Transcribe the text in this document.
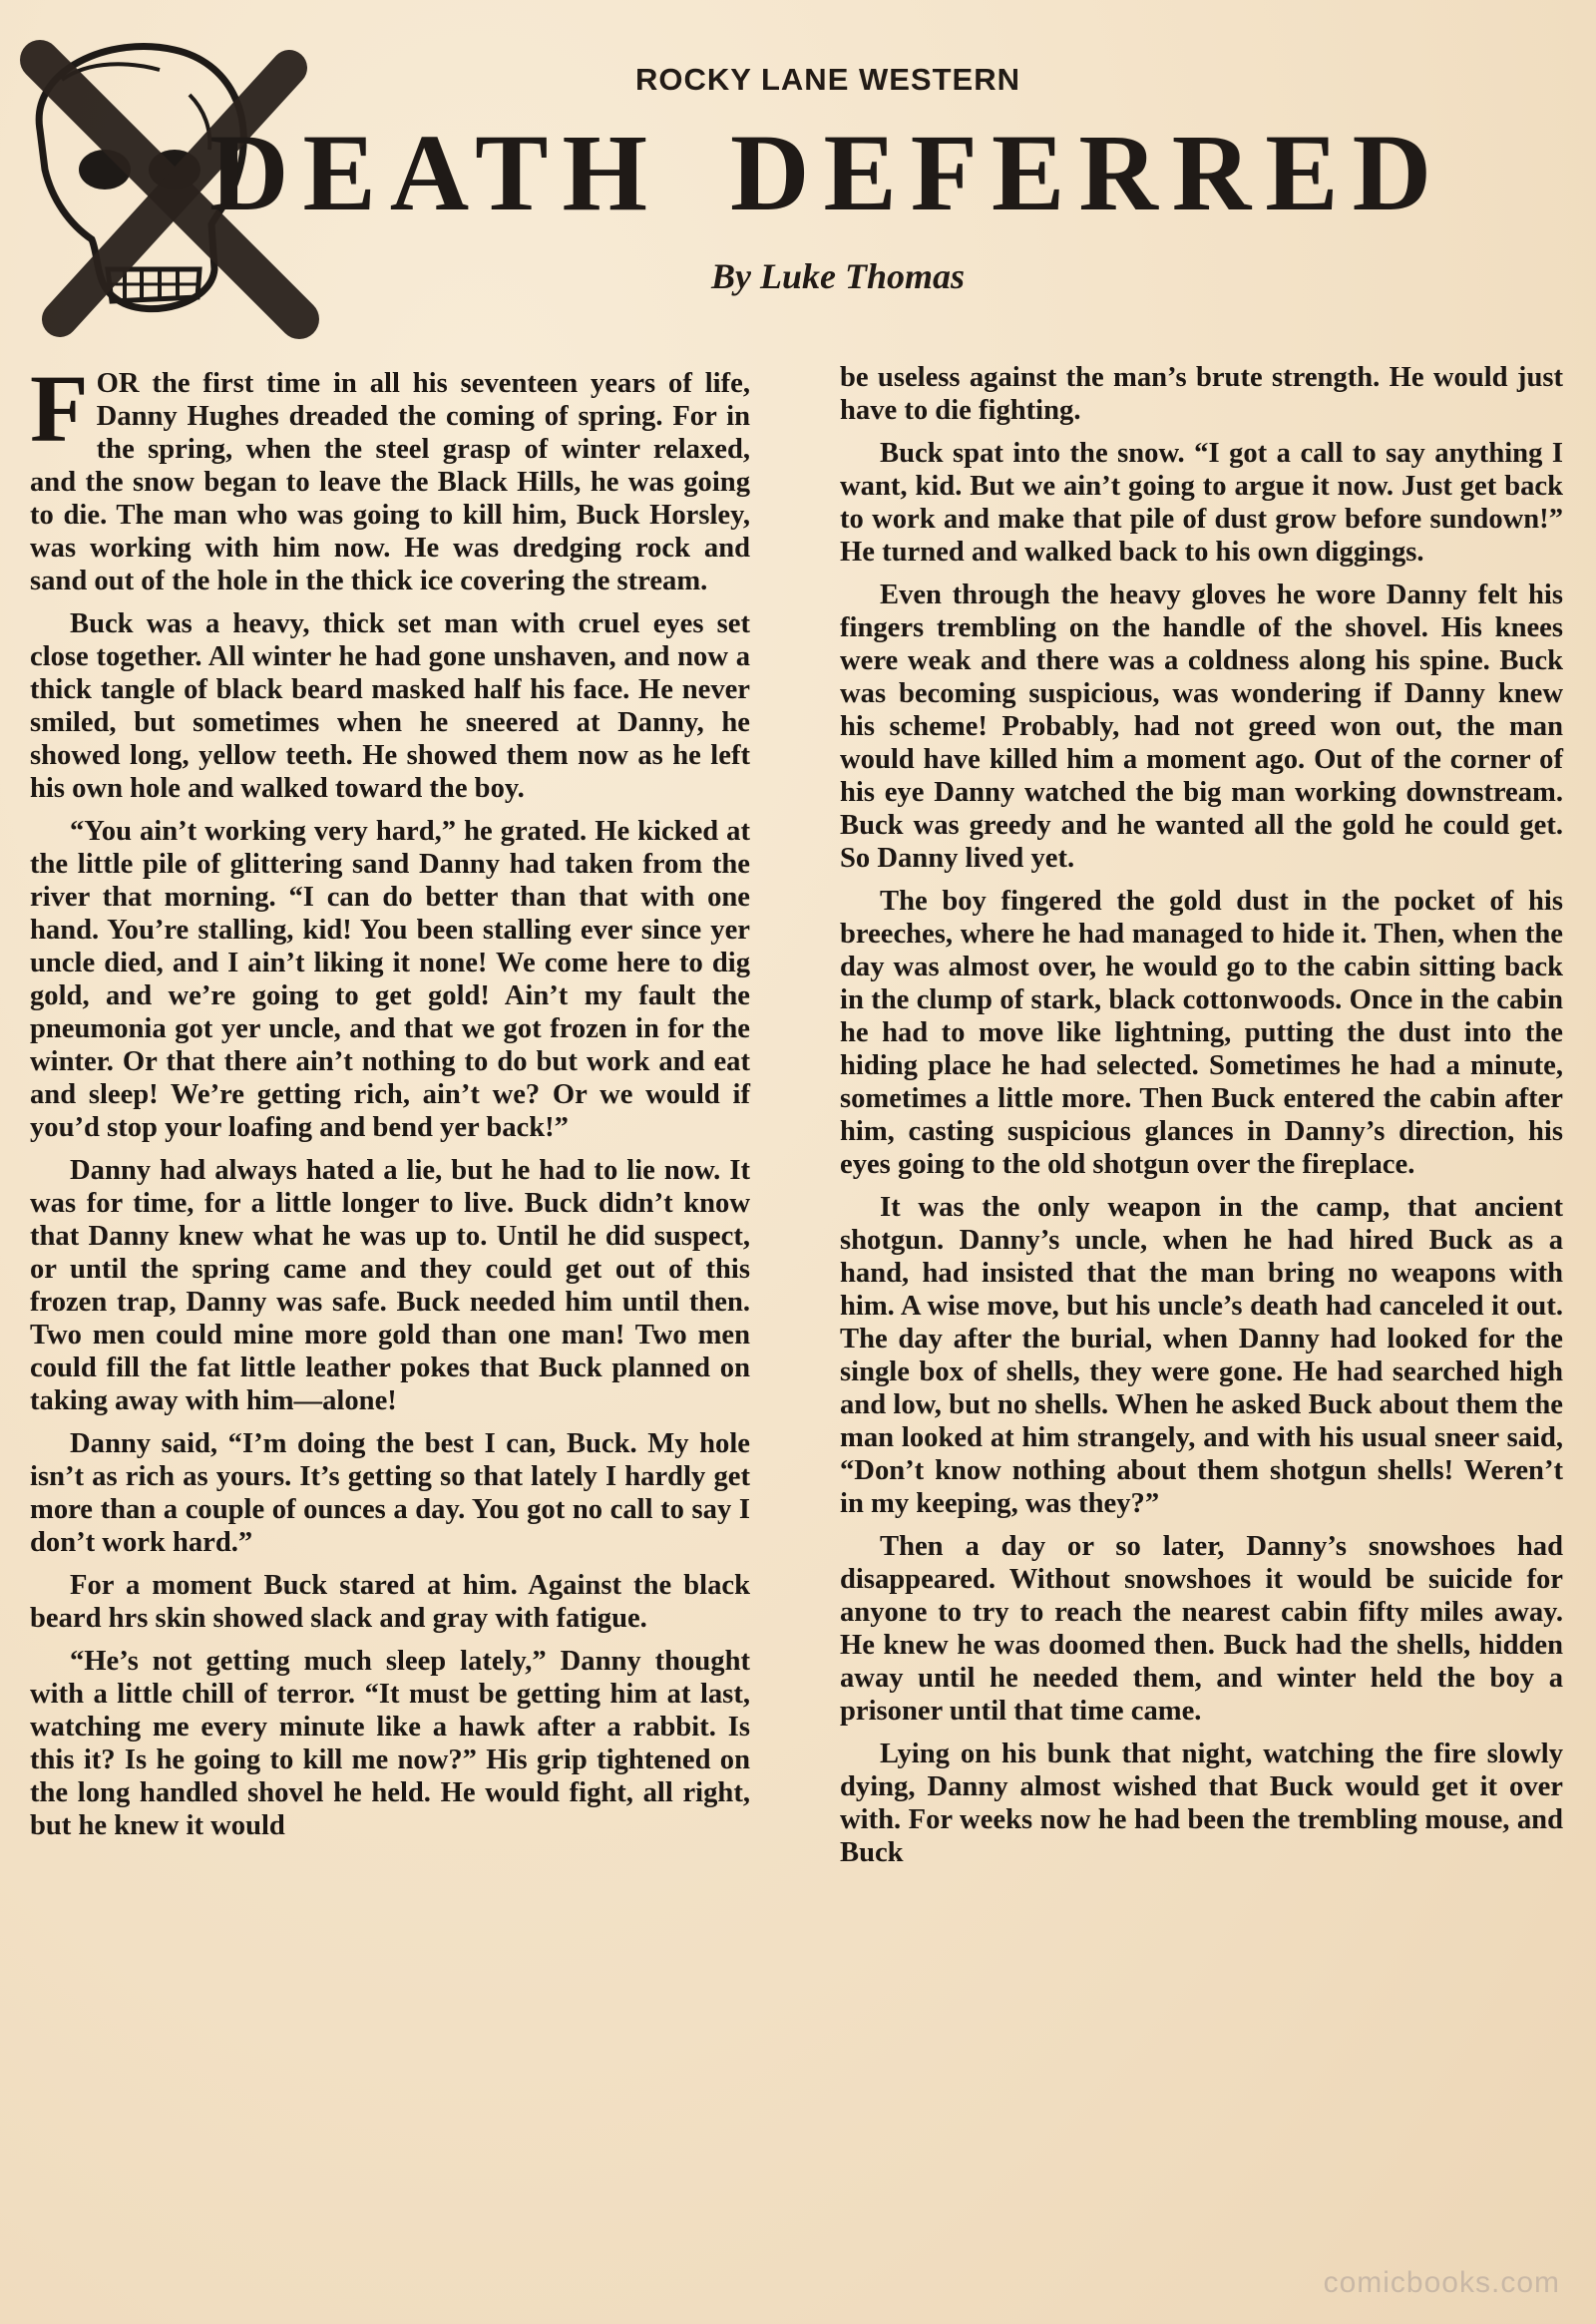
ROCKY LANE WESTERN
DEATH DEFERRED
By Luke Thomas

FOR the first time in all his seventeen years of life, Danny Hughes dreaded the coming of spring. For in the spring, when the steel grasp of winter relaxed, and the snow began to leave the Black Hills, he was going to die. The man who was going to kill him, Buck Horsley, was working with him now. He was dredging rock and sand out of the hole in the thick ice covering the stream.

Buck was a heavy, thick set man with cruel eyes set close together. All winter he had gone unshaven, and now a thick tangle of black beard masked half his face. He never smiled, but sometimes when he sneered at Danny, he showed long, yellow teeth. He showed them now as he left his own hole and walked toward the boy.

“You ain’t working very hard,” he grated. He kicked at the little pile of glittering sand Danny had taken from the river that morning. “I can do better than that with one hand. You’re stalling, kid! You been stalling ever since yer uncle died, and I ain’t liking it none! We come here to dig gold, and we’re going to get gold! Ain’t my fault the pneumonia got yer uncle, and that we got frozen in for the winter. Or that there ain’t nothing to do but work and eat and sleep! We’re getting rich, ain’t we? Or we would if you’d stop your loafing and bend yer back!”

Danny had always hated a lie, but he had to lie now. It was for time, for a little longer to live. Buck didn’t know that Danny knew what he was up to. Until he did suspect, or until the spring came and they could get out of this frozen trap, Danny was safe. Buck needed him until then. Two men could mine more gold than one man! Two men could fill the fat little leather pokes that Buck planned on taking away with him—alone!

Danny said, “I’m doing the best I can, Buck. My hole isn’t as rich as yours. It’s getting so that lately I hardly get more than a couple of ounces a day. You got no call to say I don’t work hard.”

For a moment Buck stared at him. Against the black beard hrs skin showed slack and gray with fatigue.

“He’s not getting much sleep lately,” Danny thought with a little chill of terror. “It must be getting him at last, watching me every minute like a hawk after a rabbit. Is this it? Is he going to kill me now?” His grip tightened on the long handled shovel he held. He would fight, all right, but he knew it would

be useless against the man’s brute strength. He would just have to die fighting.

Buck spat into the snow. “I got a call to say anything I want, kid. But we ain’t going to argue it now. Just get back to work and make that pile of dust grow before sundown!” He turned and walked back to his own diggings.

Even through the heavy gloves he wore Danny felt his fingers trembling on the handle of the shovel. His knees were weak and there was a coldness along his spine. Buck was becoming suspicious, was wondering if Danny knew his scheme! Probably, had not greed won out, the man would have killed him a moment ago. Out of the corner of his eye Danny watched the big man working downstream. Buck was greedy and he wanted all the gold he could get. So Danny lived yet.

The boy fingered the gold dust in the pocket of his breeches, where he had managed to hide it. Then, when the day was almost over, he would go to the cabin sitting back in the clump of stark, black cottonwoods. Once in the cabin he had to move like lightning, putting the dust into the hiding place he had selected. Sometimes he had a minute, sometimes a little more. Then Buck entered the cabin after him, casting suspicious glances in Danny’s direction, his eyes going to the old shotgun over the fireplace.

It was the only weapon in the camp, that ancient shotgun. Danny’s uncle, when he had hired Buck as a hand, had insisted that the man bring no weapons with him. A wise move, but his uncle’s death had canceled it out. The day after the burial, when Danny had looked for the single box of shells, they were gone. He had searched high and low, but no shells. When he asked Buck about them the man looked at him strangely, and with his usual sneer said, “Don’t know nothing about them shotgun shells! Weren’t in my keeping, was they?”

Then a day or so later, Danny’s snowshoes had disappeared. Without snowshoes it would be suicide for anyone to try to reach the nearest cabin fifty miles away. He knew he was doomed then. Buck had the shells, hidden away until he needed them, and winter held the boy a prisoner until that time came.

Lying on his bunk that night, watching the fire slowly dying, Danny almost wished that Buck would get it over with. For weeks now he had been the trembling mouse, and Buck

comicbooks.com
